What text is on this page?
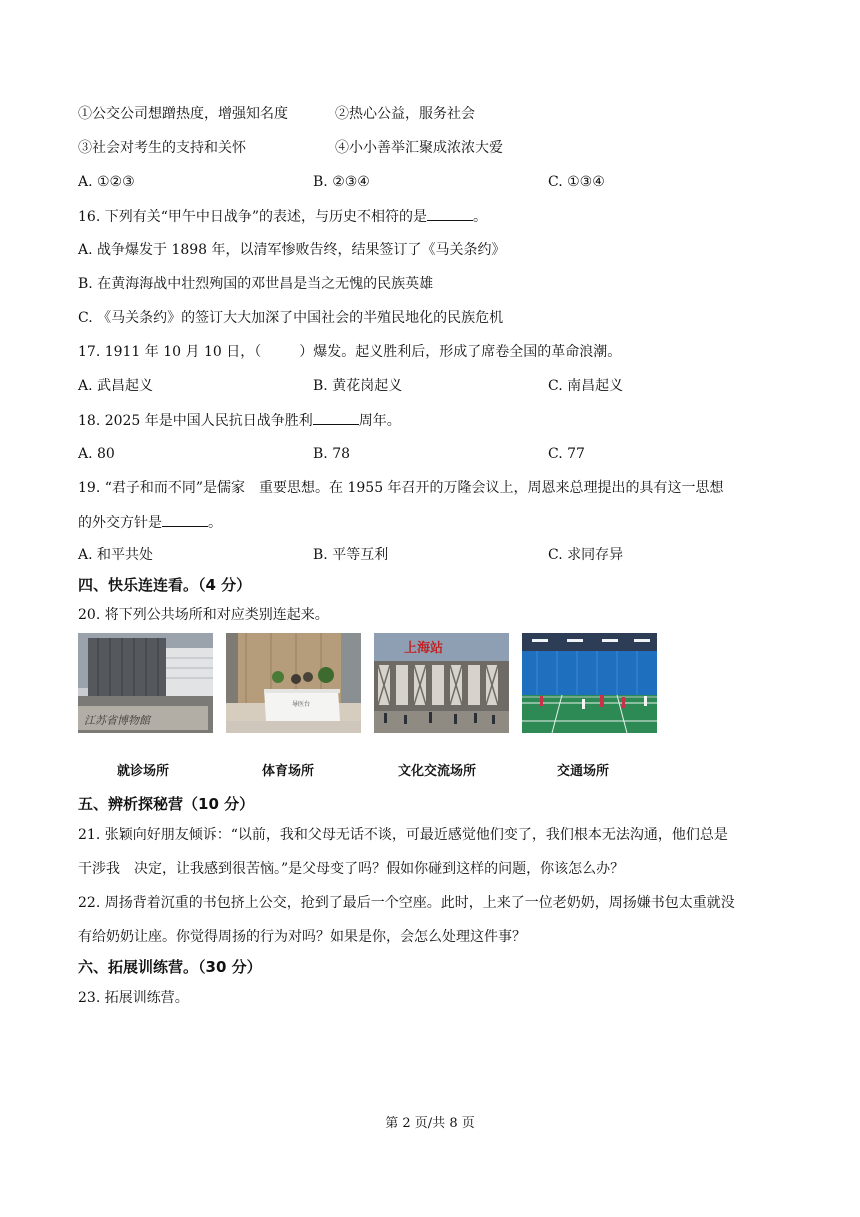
①公交公司想蹭热度，增强知名度	②热心公益，服务社会
③社会对考生的支持和关怀	④小小善举汇聚成浓浓大爱
A. ①②③	B. ②③④	C. ①③④
16. 下列有关“甲午中日战争”的表述，与历史不相符的是	。
A. 战争爆发于 1898 年，以清军惨败告终，结果签订了《马关条约》
B. 在黄海海战中壮烈殉国的邓世昌是当之无愧的民族英雄
C. 《马关条约》的签订大大加深了中国社会的半殖民地化的民族危机
17. 1911 年 10 月 10 日，（	）爆发。起义胜利后，形成了席卷全国的革命浪潮。
A. 武昌起义	B. 黄花岗起义	C. 南昌起义
18. 2025 年是中国人民抗日战争胜利	周年。
A. 80	B. 78	C. 77
19. “君子和而不同”是儒家　重要思想。在 1955 年召开的万隆会议上，周恩来总理提出的具有这一思想
的外交方针是	。
A. 和平共处	B. 平等互利	C. 求同存异
四、快乐连连看。（4 分）
20. 将下列公共场所和对应类别连起来。
江苏省博物館
导医台
上海站
就诊场所	体育场所	文化交流场所	交通场所
五、辨析探秘营（10 分）
21. 张颖向好朋友倾诉：“以前，我和父母无话不谈，可最近感觉他们变了，我们根本无法沟通，他们总是
干涉我　决定，让我感到很苦恼。”是父母变了吗？假如你碰到这样的问题，你该怎么办？
22. 周扬背着沉重的书包挤上公交，抢到了最后一个空座。此时，上来了一位老奶奶，周扬嫌书包太重就没
有给奶奶让座。你觉得周扬的行为对吗？如果是你，会怎么处理这件事？
六、拓展训练营。（30 分）
23. 拓展训练营。
第 2 页/共 8 页
